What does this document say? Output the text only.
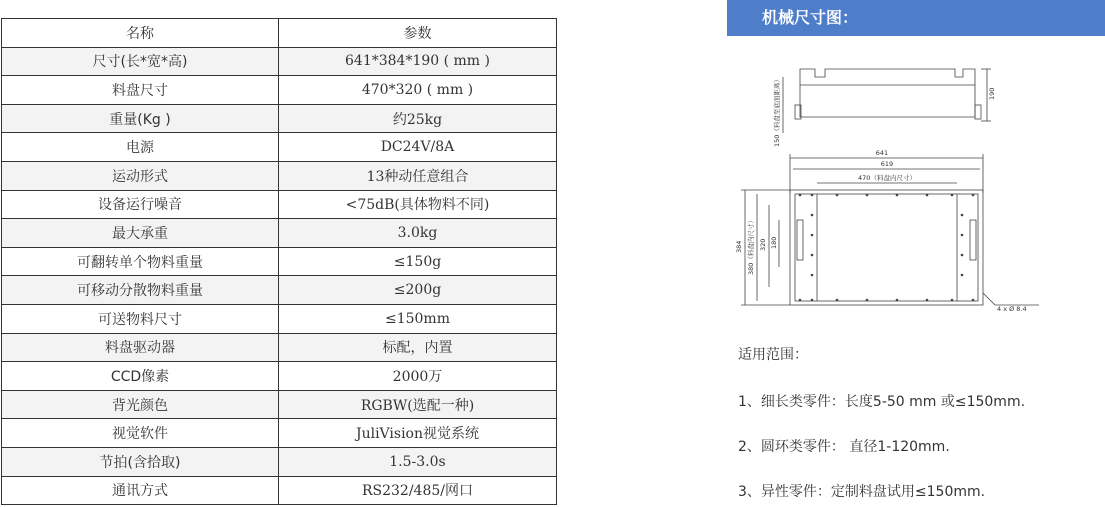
名称	参数
尺寸(长*宽*高)	641*384*190 ( mm )
料盘尺寸	470*320 ( mm )
重量(Kg )	约25kg
电源	DC24V/8A
运动形式	13种动任意组合
设备运行噪音	<75dB(具体物料不同)
最大承重	3.0kg
可翻转单个物料重量	≤150g
可移动分散物料重量	≤200g
可送物料尺寸	≤150mm
料盘驱动器	标配，内置
CCD像素	2000万
背光颜色	RGBW(选配一种)
视觉软件	JuliVision视觉系统
节拍(含拾取)	1.5-3.0s
通讯方式	RS232/485/网口
机械尺寸图：
190
150（料盘至底面距离）
641
619
470（料盘内尺寸）
384 380（料盘内尺寸） 320 180
4 x Ø 8.4
适用范围：
1、细长类零件：长度5-50 mm 或≤150mm.
2、圆环类零件： 直径1-120mm.
3、异性零件：定制料盘试用≤150mm.
